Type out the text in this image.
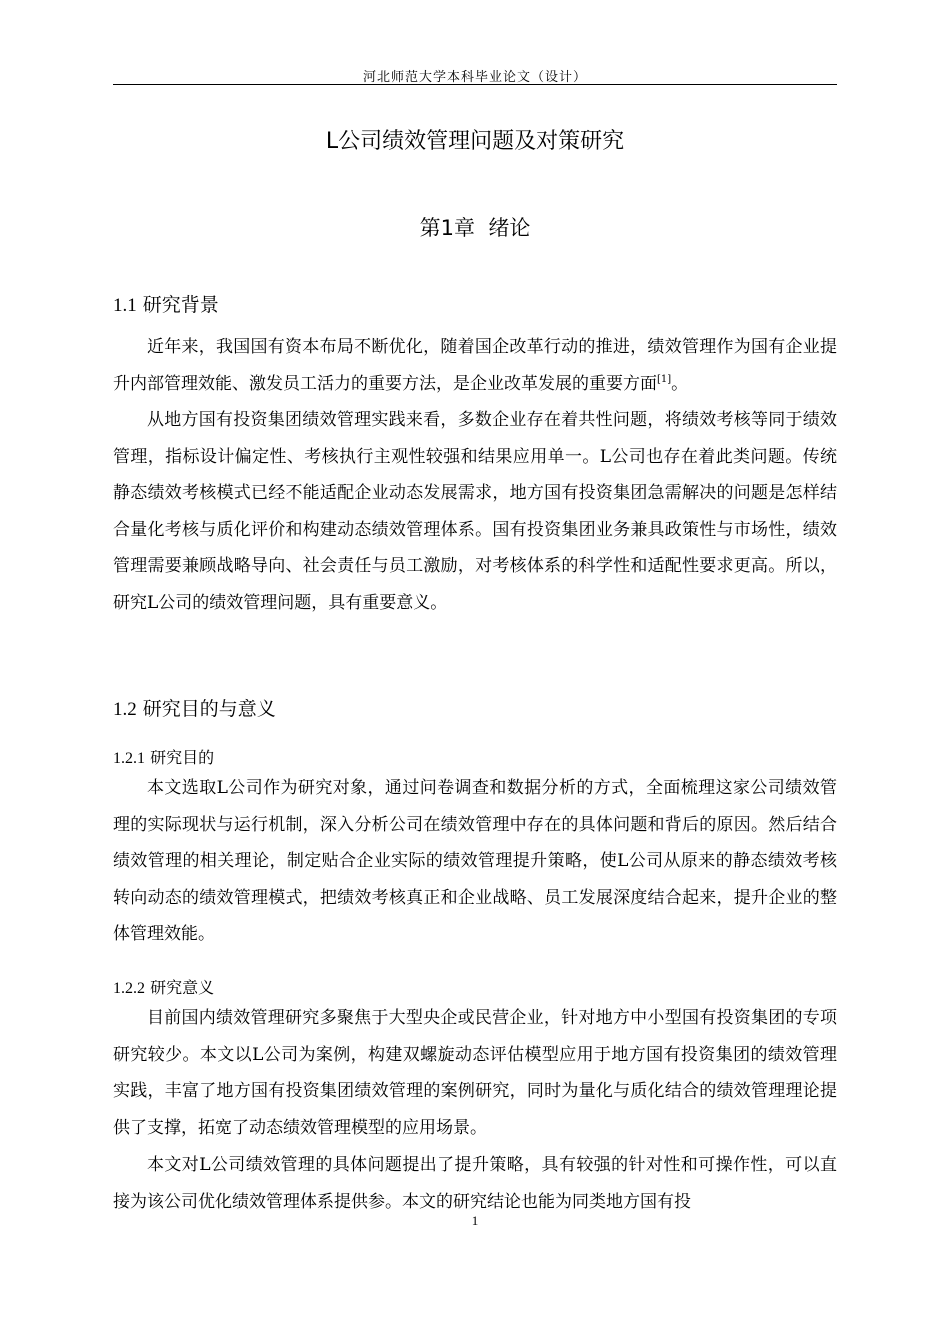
河北师范大学本科毕业论文（设计）
L公司绩效管理问题及对策研究
第1章 绪论
1.1 研究背景

近年来，我国国有资本布局不断优化，随着国企改革行动的推进，绩效管理作为国有企业提升内部管理效能、激发员工活力的重要方法，是企业改革发展的重要方面[1]。

从地方国有投资集团绩效管理实践来看，多数企业存在着共性问题，将绩效考核等同于绩效管理，指标设计偏定性、考核执行主观性较强和结果应用单一。L公司也存在着此类问题。传统静态绩效考核模式已经不能适配企业动态发展需求，地方国有投资集团急需解决的问题是怎样结合量化考核与质化评价和构建动态绩效管理体系。国有投资集团业务兼具政策性与市场性，绩效管理需要兼顾战略导向、社会责任与员工激励，对考核体系的科学性和适配性要求更高。所以，研究L公司的绩效管理问题，具有重要意义。

1.2 研究目的与意义
1.2.1 研究目的

本文选取L公司作为研究对象，通过问卷调查和数据分析的方式，全面梳理这家公司绩效管理的实际现状与运行机制，深入分析公司在绩效管理中存在的具体问题和背后的原因。然后结合绩效管理的相关理论，制定贴合企业实际的绩效管理提升策略，使L公司从原来的静态绩效考核转向动态的绩效管理模式，把绩效考核真正和企业战略、员工发展深度结合起来，提升企业的整体管理效能。

1.2.2 研究意义

目前国内绩效管理研究多聚焦于大型央企或民营企业，针对地方中小型国有投资集团的专项研究较少。本文以L公司为案例，构建双螺旋动态评估模型应用于地方国有投资集团的绩效管理实践，丰富了地方国有投资集团绩效管理的案例研究，同时为量化与质化结合的绩效管理理论提供了支撑，拓宽了动态绩效管理模型的应用场景。

本文对L公司绩效管理的具体问题提出了提升策略，具有较强的针对性和可操作性，可以直接为该公司优化绩效管理体系提供参。本文的研究结论也能为同类地方国有投

1
